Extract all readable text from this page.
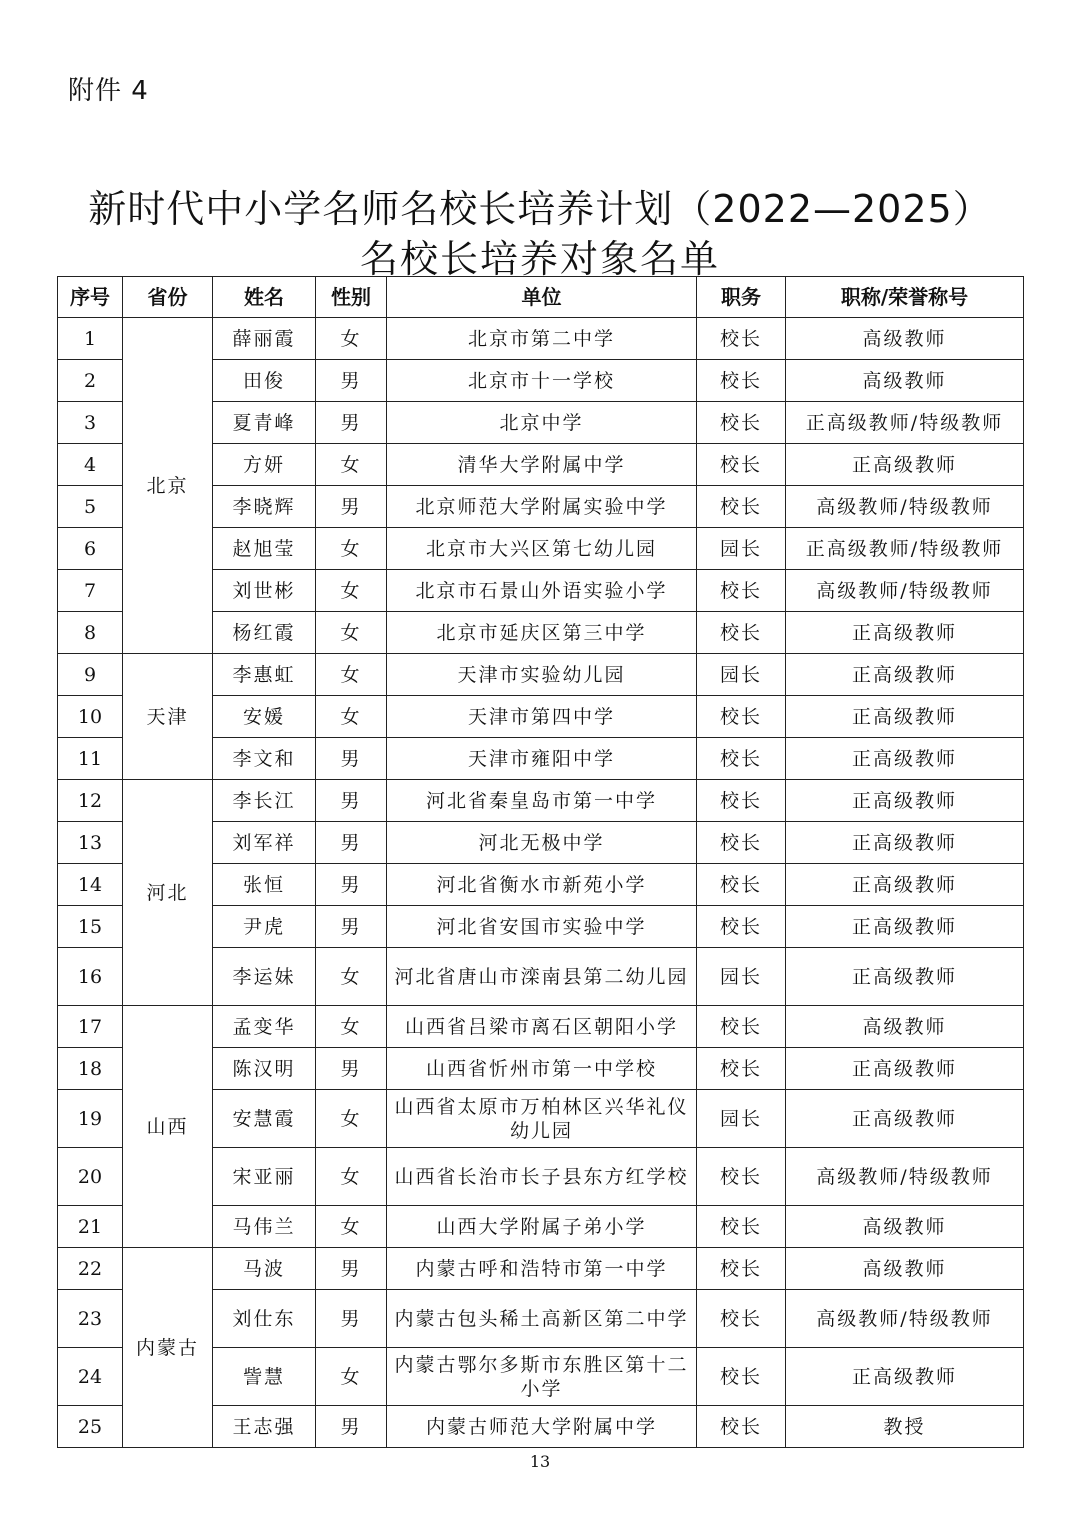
附件 4
新时代中小学名师名校长培养计划（2022—2025）
名校长培养对象名单
序号	省份	姓名	性别	单位	职务	职称/荣誉称号
1	北京	薛丽霞	女	北京市第二中学	校长	高级教师
2		田俊	男	北京市十一学校	校长	高级教师
3		夏青峰	男	北京中学	校长	正高级教师/特级教师
4		方妍	女	清华大学附属中学	校长	正高级教师
5		李晓辉	男	北京师范大学附属实验中学	校长	高级教师/特级教师
6		赵旭莹	女	北京市大兴区第七幼儿园	园长	正高级教师/特级教师
7		刘世彬	女	北京市石景山外语实验小学	校长	高级教师/特级教师
8		杨红霞	女	北京市延庆区第三中学	校长	正高级教师
9	天津	李惠虹	女	天津市实验幼儿园	园长	正高级教师
10		安媛	女	天津市第四中学	校长	正高级教师
11		李文和	男	天津市雍阳中学	校长	正高级教师
12	河北	李长江	男	河北省秦皇岛市第一中学	校长	正高级教师
13		刘军祥	男	河北无极中学	校长	正高级教师
14		张恒	男	河北省衡水市新苑小学	校长	正高级教师
15		尹虎	男	河北省安国市实验中学	校长	正高级教师
16		李运妹	女	河北省唐山市滦南县第二幼儿园	园长	正高级教师
17	山西	孟变华	女	山西省吕梁市离石区朝阳小学	校长	高级教师
18		陈汉明	男	山西省忻州市第一中学校	校长	正高级教师
19		安慧霞	女	山西省太原市万柏林区兴华礼仪幼儿园	园长	正高级教师
20		宋亚丽	女	山西省长治市长子县东方红学校	校长	高级教师/特级教师
21		马伟兰	女	山西大学附属子弟小学	校长	高级教师
22	内蒙古	马波	男	内蒙古呼和浩特市第一中学	校长	高级教师
23		刘仕东	男	内蒙古包头稀土高新区第二中学	校长	高级教师/特级教师
24		訾慧	女	内蒙古鄂尔多斯市东胜区第十二小学	校长	正高级教师
25		王志强	男	内蒙古师范大学附属中学	校长	教授
13
